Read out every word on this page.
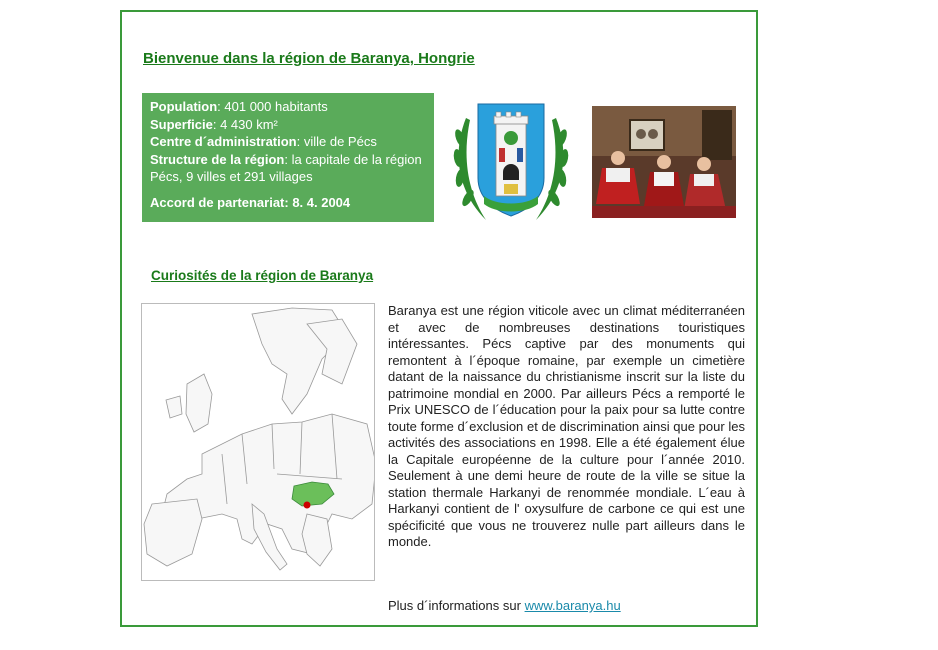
Bienvenue dans la région de Baranya, Hongrie
Population: 401 000 habitants
Superficie: 4 430 km²
Centre d´administration: ville de Pécs
Structure de la région: la capitale de la région Pécs, 9 villes et 291 villages
Accord de partenariat: 8. 4. 2004
Curiosités de la région de Baranya
Baranya est une région viticole avec un climat méditerranéen et avec de nombreuses destinations touristiques intéressantes. Pécs captive par des monuments qui remontent à l´époque romaine, par exemple un cimetière datant de la naissance du christianisme inscrit sur la liste du patrimoine mondial en 2000. Par ailleurs Pécs a remporté le Prix UNESCO de l´éducation pour la paix pour sa lutte contre toute forme d´exclusion et de discrimination ainsi que pour les activités des associations en 1998. Elle a été également élue la Capitale européenne de la culture pour l´année 2010. Seulement à une demi heure de route de la ville se situe la station thermale Harkanyi de renommée mondiale. L´eau à Harkanyi contient de l' oxysulfure de carbone ce qui est une spécificité que vous ne trouverez nulle part ailleurs dans le monde.
Plus d´informations sur www.baranya.hu
